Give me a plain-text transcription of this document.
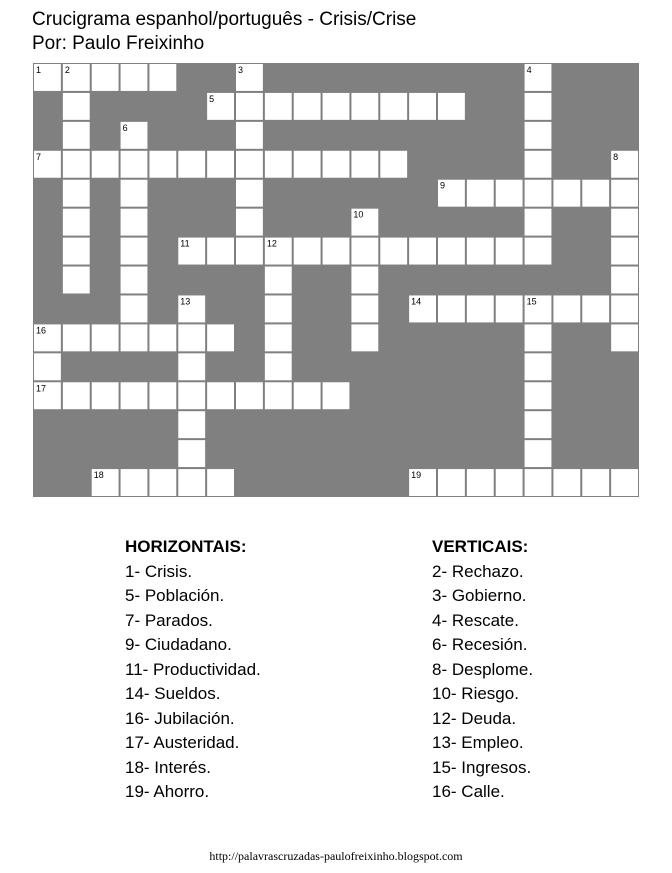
Crucigrama espanhol/português - Crisis/Crise
Por: Paulo Freixinho
1	2	3	4
5
6
7	8
9
10
11	12
13	14	15
16
17
18	19
HORIZONTAIS:
1- Crisis.
5- Población.
7- Parados.
9- Ciudadano.
11- Productividad.
14- Sueldos.
16- Jubilación.
17- Austeridad.
18- Interés.
19- Ahorro.
VERTICAIS:
2- Rechazo.
3- Gobierno.
4- Rescate.
6- Recesión.
8- Desplome.
10- Riesgo.
12- Deuda.
13- Empleo.
15- Ingresos.
16- Calle.
http://palavrascruzadas-paulofreixinho.blogspot.com
